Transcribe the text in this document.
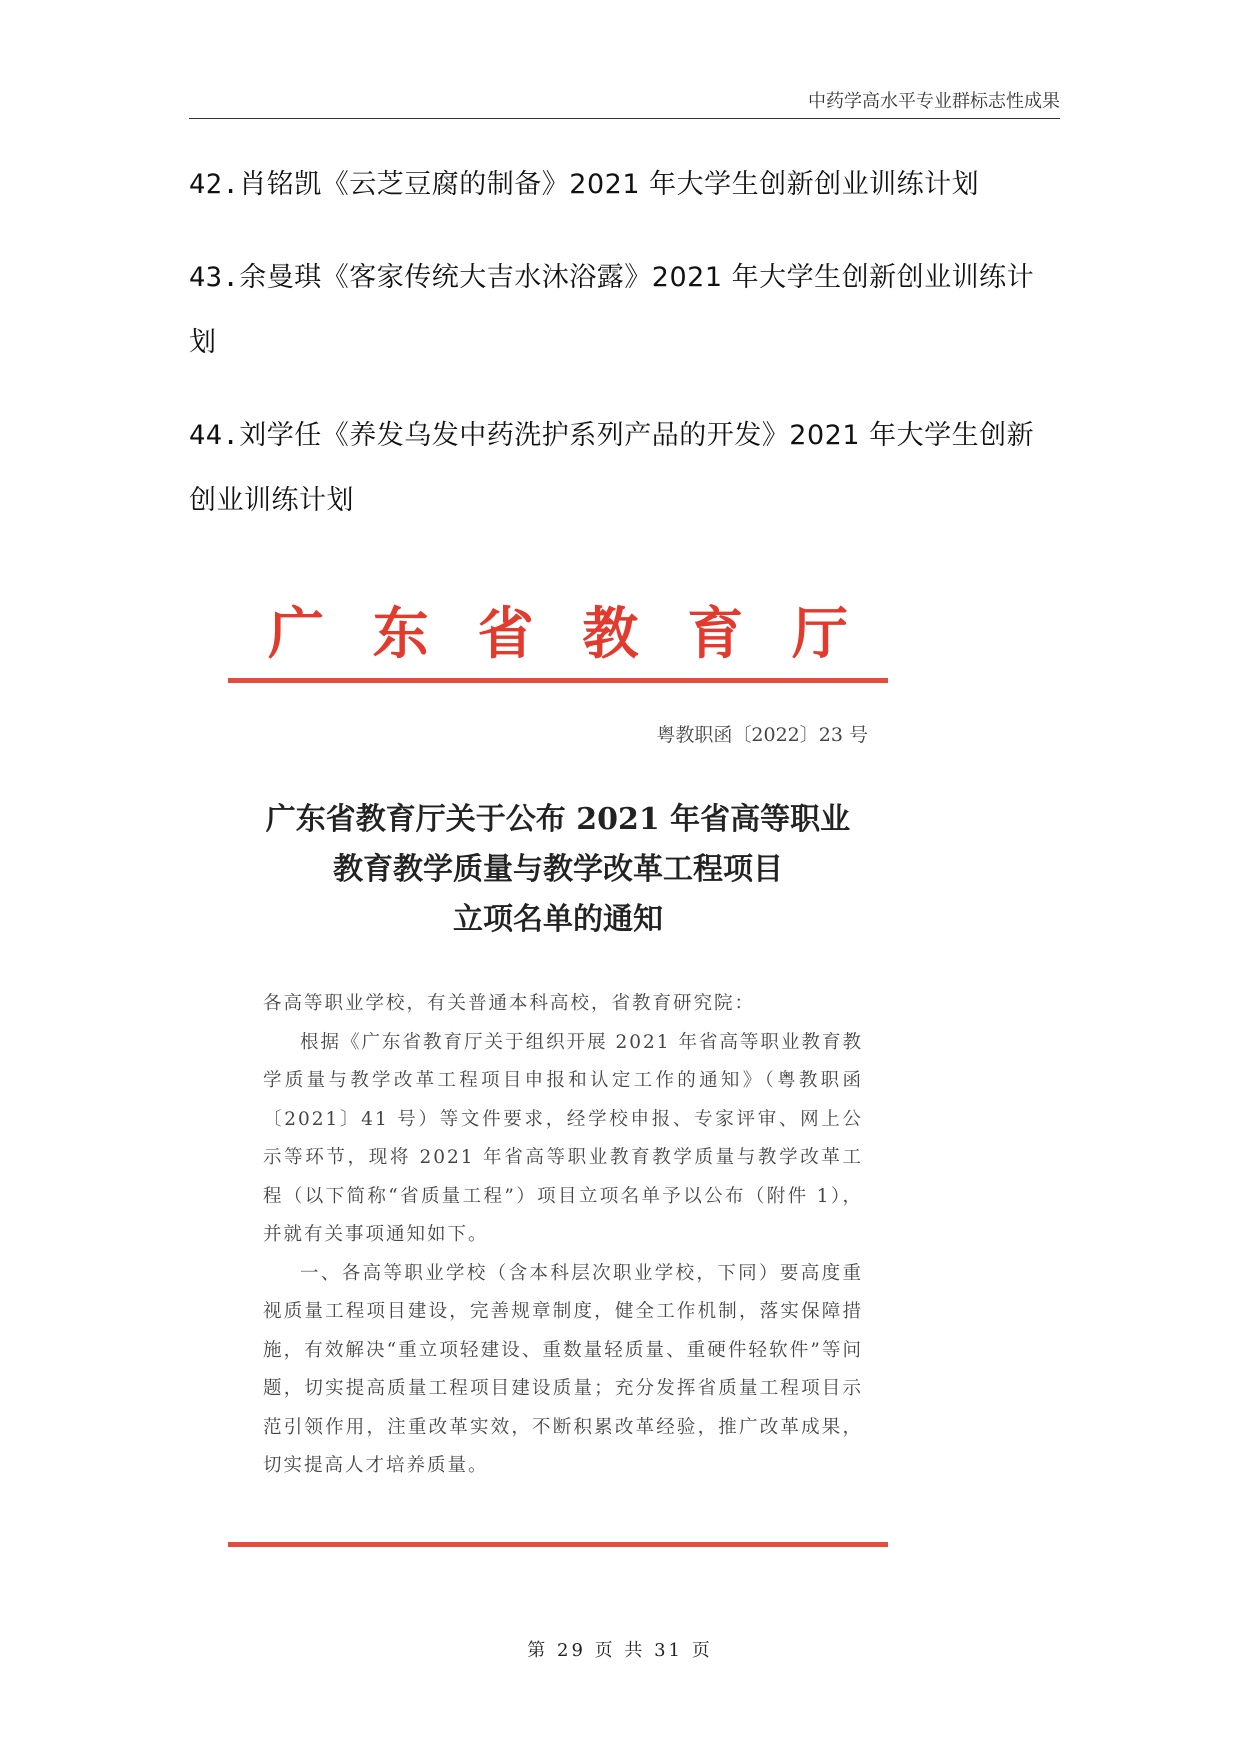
中药学高水平专业群标志性成果
42.肖铭凯《云芝豆腐的制备》2021 年大学生创新创业训练计划
43.余曼琪《客家传统大吉水沐浴露》2021 年大学生创新创业训练计划
44.刘学任《养发乌发中药洗护系列产品的开发》2021 年大学生创新创业训练计划
广 东 省 教 育 厅
粤教职函〔2022〕23 号
广东省教育厅关于公布 2021 年省高等职业
教育教学质量与教学改革工程项目
立项名单的通知

各高等职业学校，有关普通本科高校，省教育研究院：

根据《广东省教育厅关于组织开展 2021 年省高等职业教育教学质量与教学改革工程项目申报和认定工作的通知》（粤教职函〔2021〕41 号）等文件要求，经学校申报、专家评审、网上公示等环节，现将 2021 年省高等职业教育教学质量与教学改革工程（以下简称“省质量工程”）项目立项名单予以公布（附件 1），并就有关事项通知如下。

一、各高等职业学校（含本科层次职业学校，下同）要高度重视质量工程项目建设，完善规章制度，健全工作机制，落实保障措施，有效解决“重立项轻建设、重数量轻质量、重硬件轻软件”等问题，切实提高质量工程项目建设质量；充分发挥省质量工程项目示范引领作用，注重改革实效，不断积累改革经验，推广改革成果，切实提高人才培养质量。

第 29 页 共 31 页
